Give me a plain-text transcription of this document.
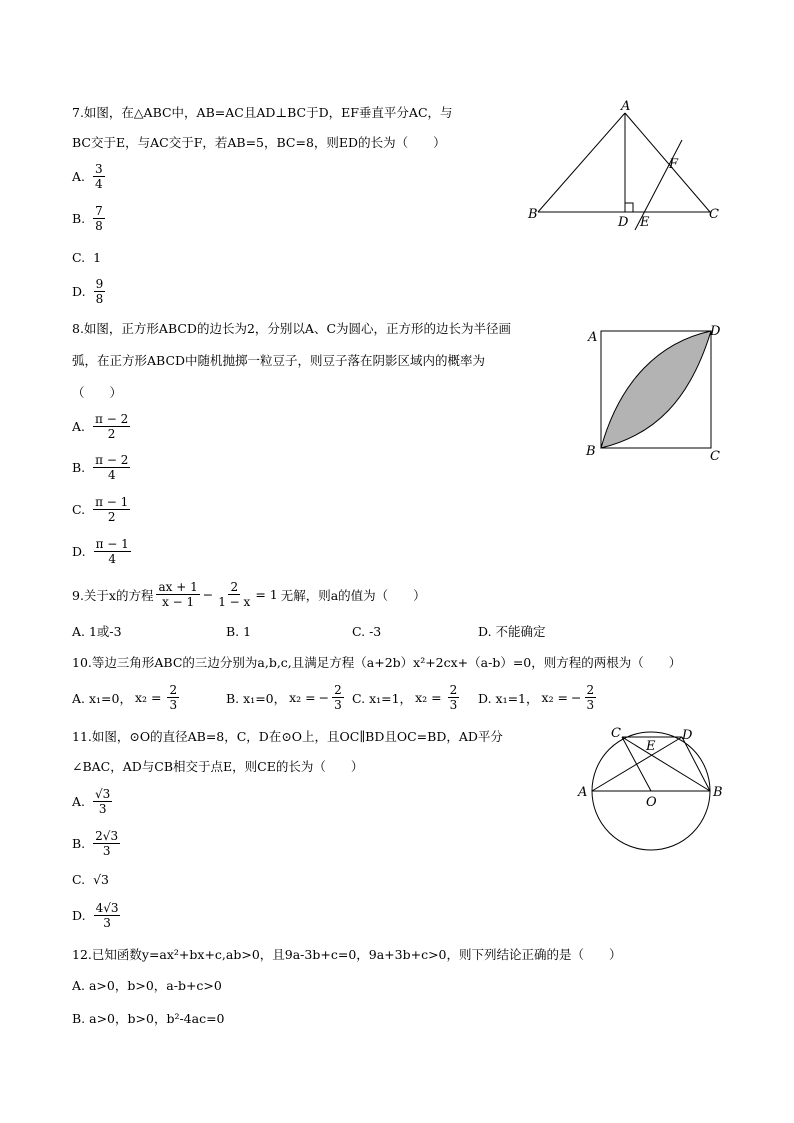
7.如图，在△ABC中，AB=AC且AD⊥BC于D，EF垂直平分AC，与
BC交于E，与AC交于F，若AB=5，BC=8，则ED的长为（　　）
A. $\frac{3}{4}$
B. $\frac{7}{8}$
C. 1
D. $\frac{9}{8}$
A
B	C
D E
F
8.如图，正方形ABCD的边长为2，分别以A、C为圆心，正方形的边长为半径画
弧，在正方形ABCD中随机抛掷一粒豆子，则豆子落在阴影区域内的概率为
（　　）
A. $\frac{\pi - 2}{2}$
B. $\frac{\pi - 2}{4}$
C. $\frac{\pi - 1}{2}$
D. $\frac{\pi - 1}{4}$
A	D
B	C
9.关于x的方程 $\frac{ax + 1}{x - 1} - \frac{2}{1 - x} = 1$ 无解，则a的值为（　　）
A. 1或-3	B. 1	C. -3	D. 不能确定
10.等边三角形ABC的三边分别为a,b,c,且满足方程（a+2b）x²+2cx+（a-b）=0，则方程的两根为（　　）
A. x₁=0， $x_2 = \frac{2}{3}$	B. x₁=0， x₂ = − $\frac{2}{3} C$. x₁=1， $x_2 = \frac{2}{3} D$. x₁=1， x₂ = − $\frac{2}{3}$
11.如图，⊙O的直径AB=8，C，D在⊙O上，且OC∥BD且OC=BD，AD平分
∠BAC，AD与CB相交于点E，则CE的长为（　　）
A. $\frac{√3}{3}$
B. $\frac{2√3}{3}$
C. √3
D. $\frac{4√3}{3}$
C
E
D
A	B
O
12.已知函数y=ax²+bx+c,ab>0，且9a-3b+c=0，9a+3b+c>0，则下列结论正确的是（　　）
A. a>0，b>0，a-b+c>0
B. a>0，b>0，b²-4ac=0
